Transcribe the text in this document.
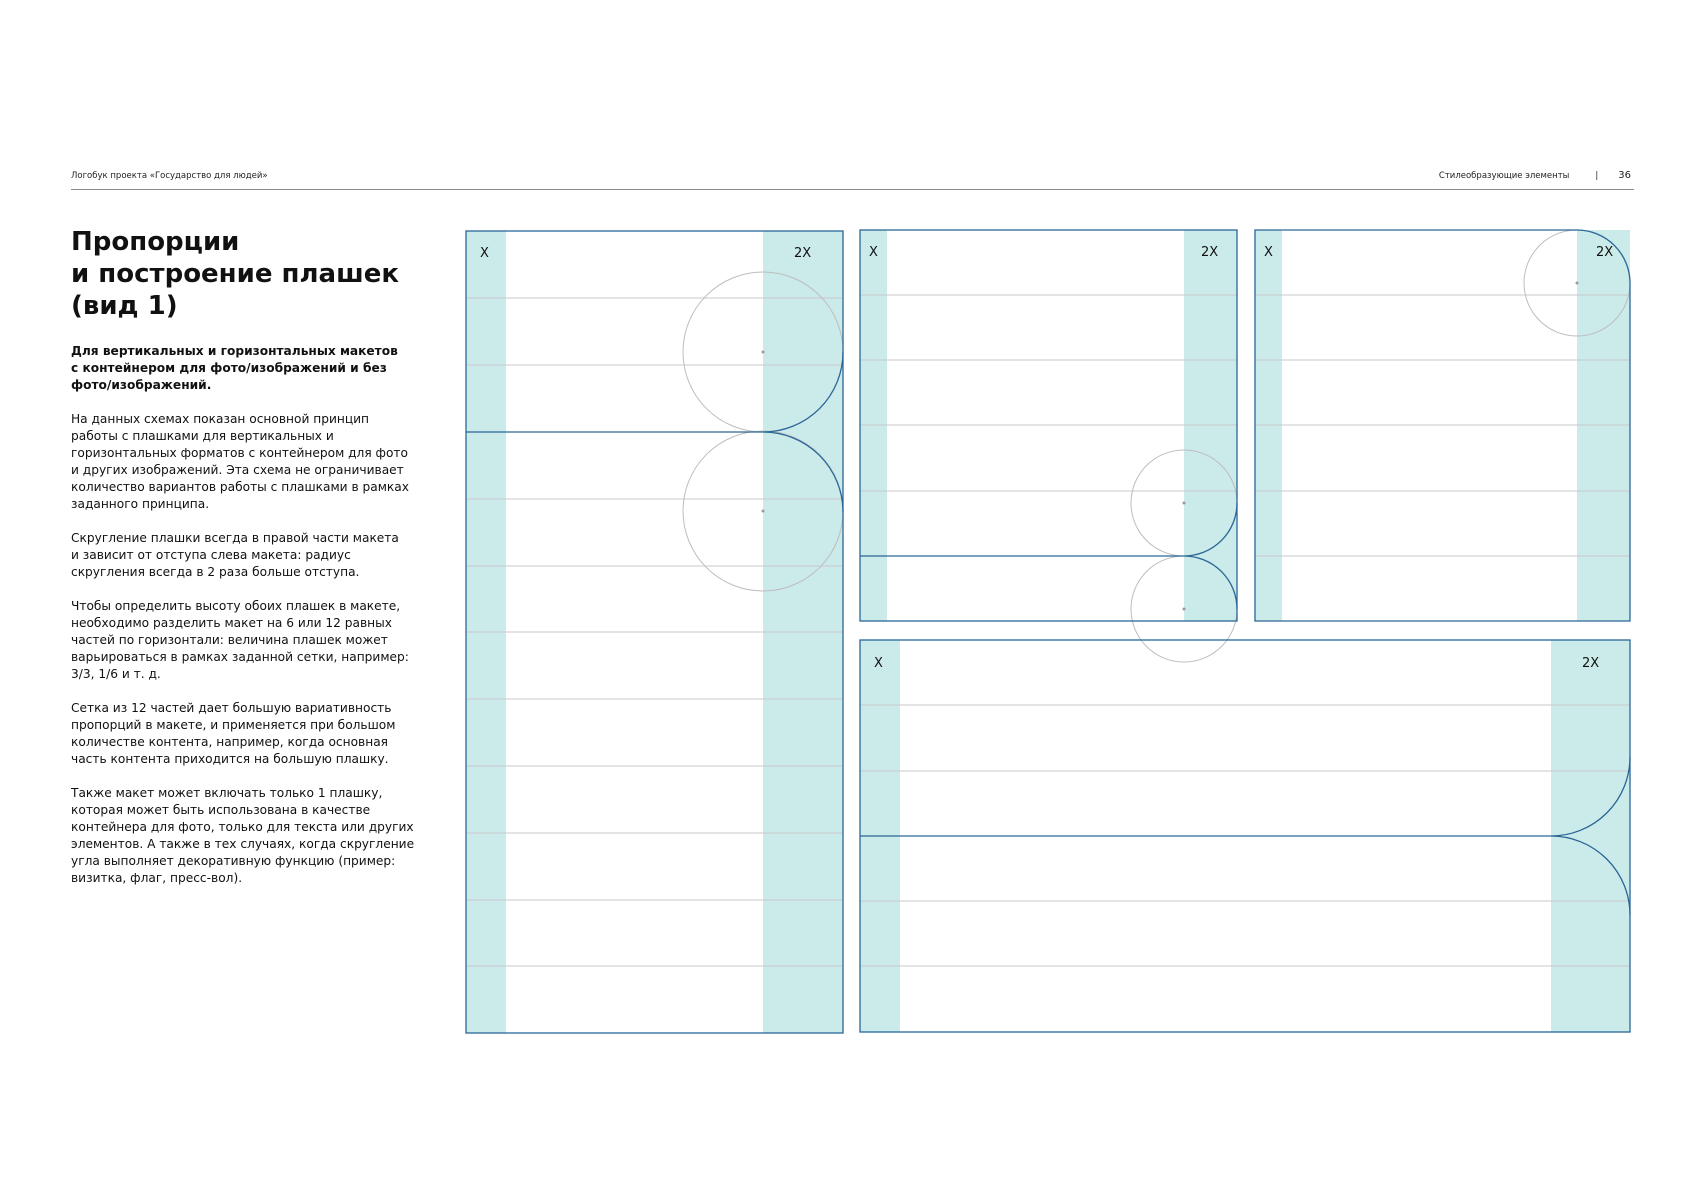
Логобук проекта «Государство для людей»	Стилеобразующие элементы	| 36
Пропорции
и построение плашек
(вид 1)

Для вертикальных и горизонтальных макетов
с контейнером для фото/изображений и без
фото/изображений.

На данных схемах показан основной принцип
работы с плашками для вертикальных и
горизонтальных форматов с контейнером для фото
и других изображений. Эта схема не ограничивает
количество вариантов работы с плашками в рамках
заданного принципа.

Скругление плашки всегда в правой части макета
и зависит от отступа слева макета: радиус
скругления всегда в 2 раза больше отступа.

Чтобы определить высоту обоих плашек в макете,
необходимо разделить макет на 6 или 12 равных
частей по горизонтали: величина плашек может
варьироваться в рамках заданной сетки, например:
3/3, 1/6 и т. д.

Сетка из 12 частей дает большую вариативность
пропорций в макете, и применяется при большом
количестве контента, например, когда основная
часть контента приходится на большую плашку.

Также макет может включать только 1 плашку,
которая может быть использована в качестве
контейнера для фото, только для текста или других
элементов. А также в тех случаях, когда скругление
угла выполняет декоративную функцию (пример:
визитка, флаг, пресс-вол).

X	2X	X	2X	X	2X
X	2X
